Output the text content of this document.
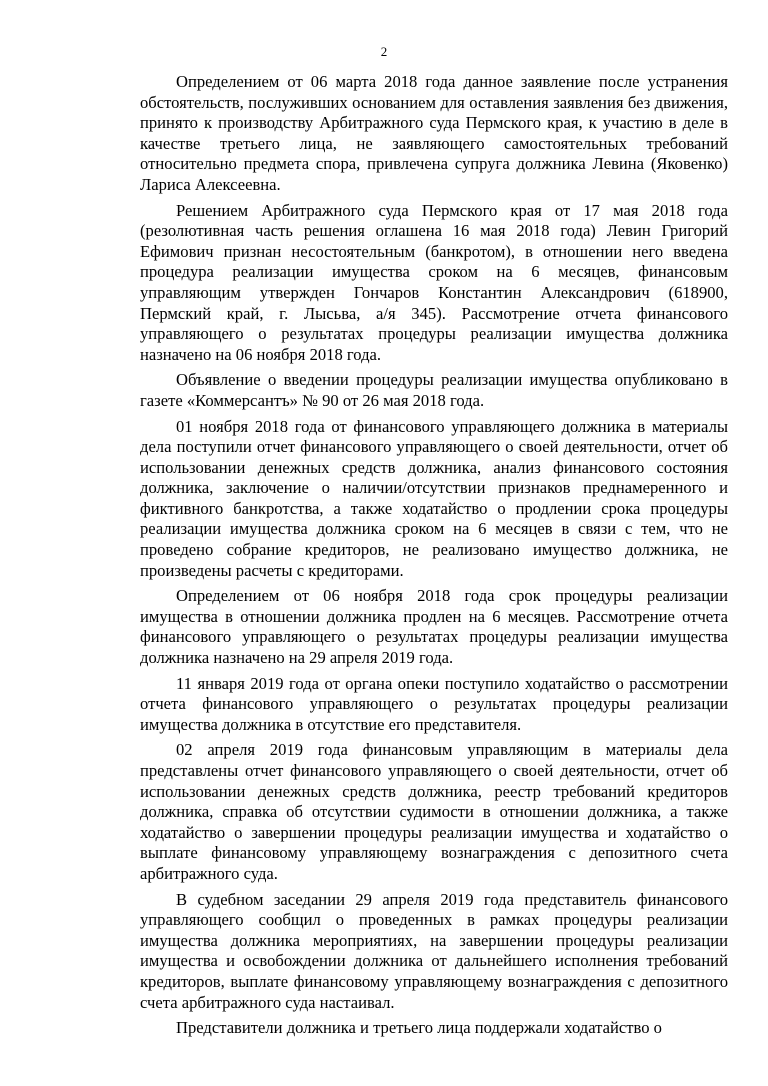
2

Определением от 06 марта 2018 года данное заявление после устранения обстоятельств, послуживших основанием для оставления заявления без движения, принято к производству Арбитражного суда Пермского края, к участию в деле в качестве третьего лица, не заявляющего самостоятельных требований относительно предмета спора, привлечена супруга должника Левина (Яковенко) Лариса Алексеевна.

Решением Арбитражного суда Пермского края от 17 мая 2018 года (резолютивная часть решения оглашена 16 мая 2018 года) Левин Григорий Ефимович признан несостоятельным (банкротом), в отношении него введена процедура реализации имущества сроком на 6 месяцев, финансовым управляющим утвержден Гончаров Константин Александрович (618900, Пермский край, г. Лысьва, а/я 345). Рассмотрение отчета финансового управляющего о результатах процедуры реализации имущества должника назначено на 06 ноября 2018 года.

Объявление о введении процедуры реализации имущества опубликовано в газете «Коммерсантъ» № 90 от 26 мая 2018 года.

01 ноября 2018 года от финансового управляющего должника в материалы дела поступили отчет финансового управляющего о своей деятельности, отчет об использовании денежных средств должника, анализ финансового состояния должника, заключение о наличии/отсутствии признаков преднамеренного и фиктивного банкротства, а также ходатайство о продлении срока процедуры реализации имущества должника сроком на 6 месяцев в связи с тем, что не проведено собрание кредиторов, не реализовано имущество должника, не произведены расчеты с кредиторами.

Определением от 06 ноября 2018 года срок процедуры реализации имущества в отношении должника продлен на 6 месяцев. Рассмотрение отчета финансового управляющего о результатах процедуры реализации имущества должника назначено на 29 апреля 2019 года.

11 января 2019 года от органа опеки поступило ходатайство о рассмотрении отчета финансового управляющего о результатах процедуры реализации имущества должника в отсутствие его представителя.

02 апреля 2019 года финансовым управляющим в материалы дела представлены отчет финансового управляющего о своей деятельности, отчет об использовании денежных средств должника, реестр требований кредиторов должника, справка об отсутствии судимости в отношении должника, а также ходатайство о завершении процедуры реализации имущества и ходатайство о выплате финансовому управляющему вознаграждения с депозитного счета арбитражного суда.

В судебном заседании 29 апреля 2019 года представитель финансового управляющего сообщил о проведенных в рамках процедуры реализации имущества должника мероприятиях, на завершении процедуры реализации имущества и освобождении должника от дальнейшего исполнения требований кредиторов, выплате финансовому управляющему вознаграждения с депозитного счета арбитражного суда настаивал.

Представители должника и третьего лица поддержали ходатайство о
